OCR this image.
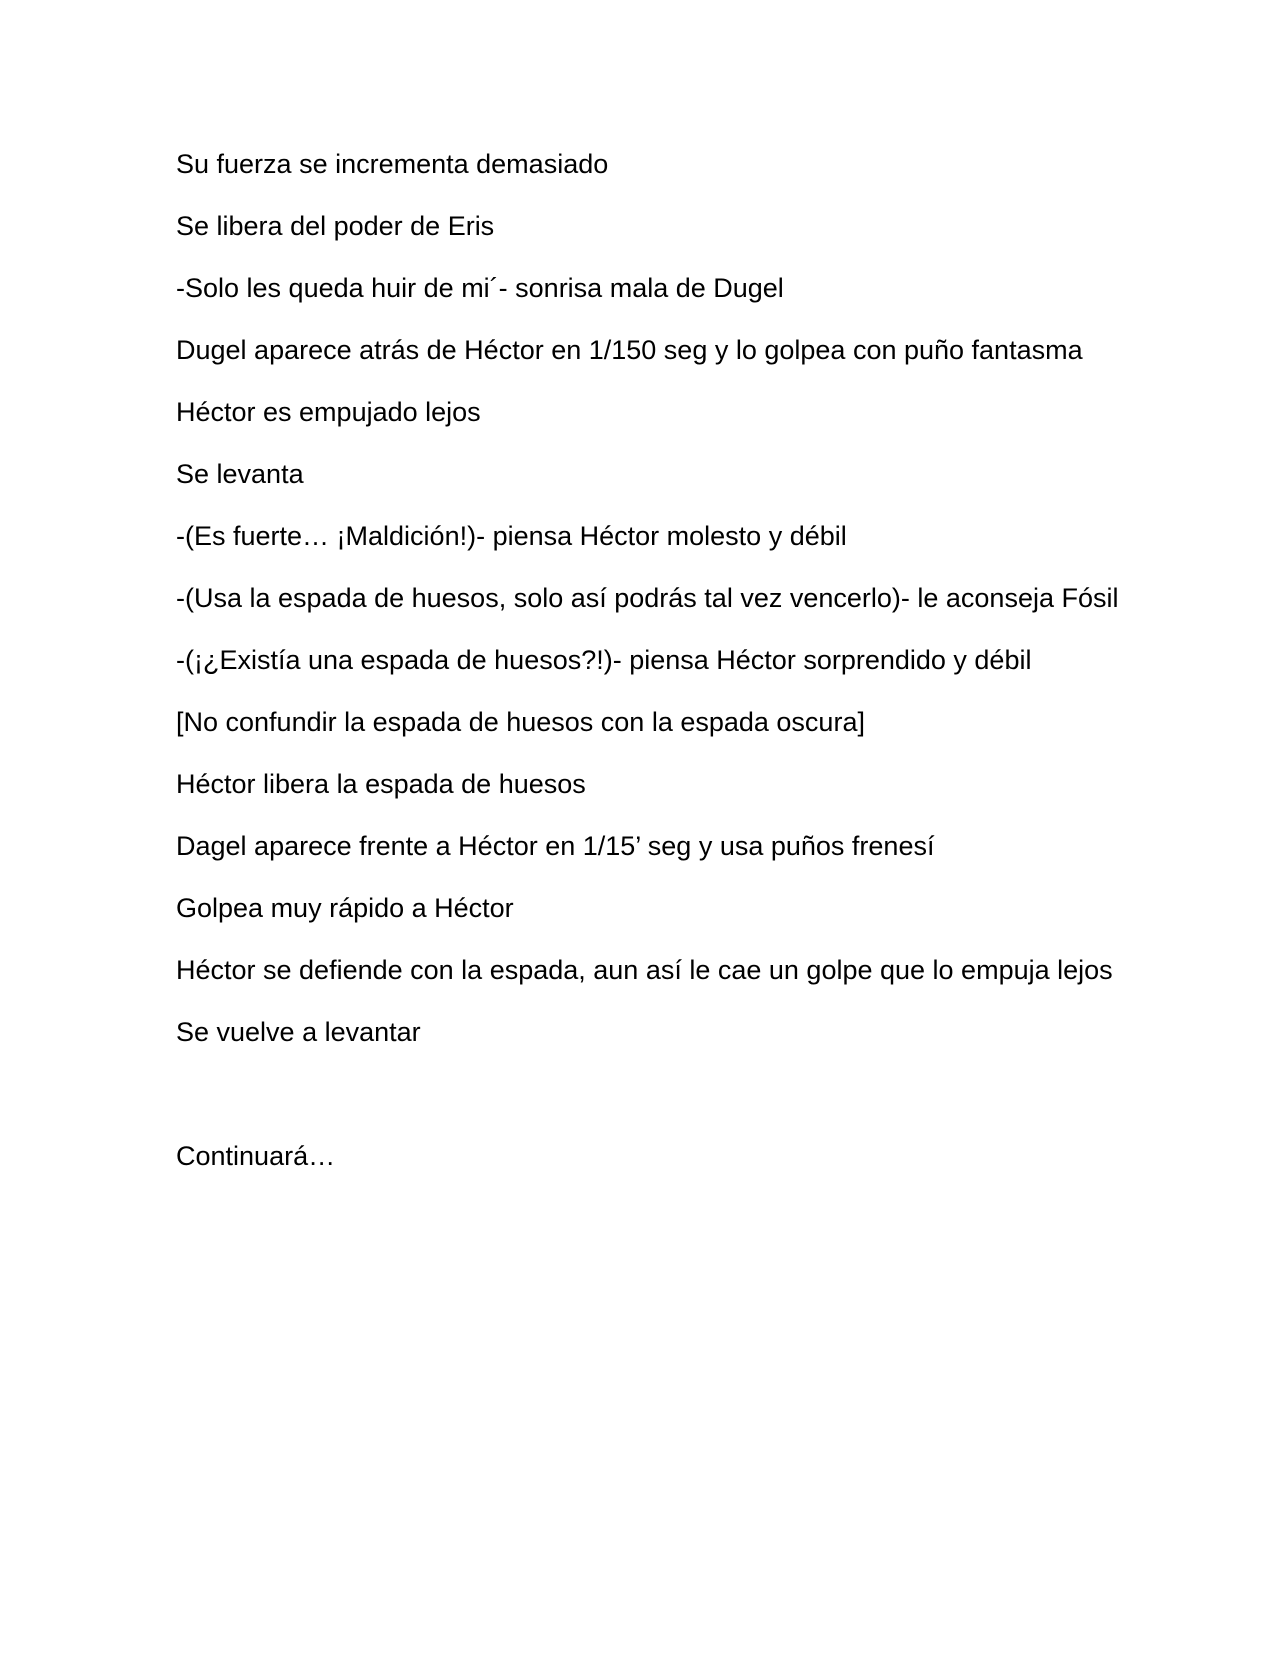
Su fuerza se incrementa demasiado
Se libera del poder de Eris
-Solo les queda huir de mi´- sonrisa mala de Dugel
Dugel aparece atrás de Héctor en 1/150 seg y lo golpea con puño fantasma
Héctor es empujado lejos
Se levanta
-(Es fuerte… ¡Maldición!)- piensa Héctor molesto y débil
-(Usa la espada de huesos, solo así podrás tal vez vencerlo)- le aconseja Fósil
-(¡¿Existía una espada de huesos?!)- piensa Héctor sorprendido y débil
[No confundir la espada de huesos con la espada oscura]
Héctor libera la espada de huesos
Dagel aparece frente a Héctor en 1/15’ seg y usa puños frenesí
Golpea muy rápido a Héctor
Héctor se defiende con la espada, aun así le cae un golpe que lo empuja lejos
Se vuelve a levantar
Continuará…
